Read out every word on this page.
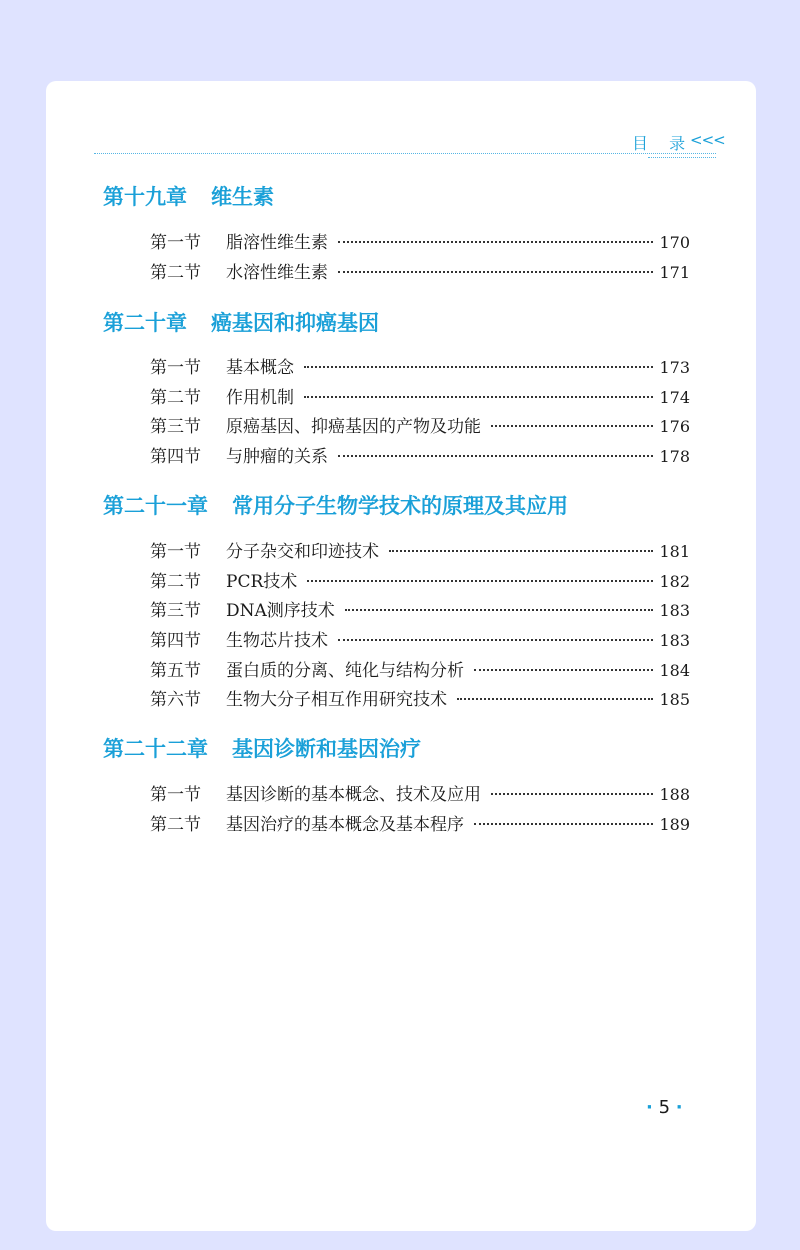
目 录
<<<
第十九章 维生素
第一节	脂溶性维生素	170
第二节	水溶性维生素	171
第二十章 癌基因和抑癌基因
第一节	基本概念	173
第二节	作用机制	174
第三节	原癌基因、抑癌基因的产物及功能	176
第四节	与肿瘤的关系	178
第二十一章 常用分子生物学技术的原理及其应用
第一节	分子杂交和印迹技术	181
第二节	PCR技术	182
第三节	DNA测序技术	183
第四节	生物芯片技术	183
第五节	蛋白质的分离、纯化与结构分析	184
第六节	生物大分子相互作用研究技术	185
第二十二章 基因诊断和基因治疗
第一节	基因诊断的基本概念、技术及应用	188
第二节	基因治疗的基本概念及基本程序	189
· 5 ·
